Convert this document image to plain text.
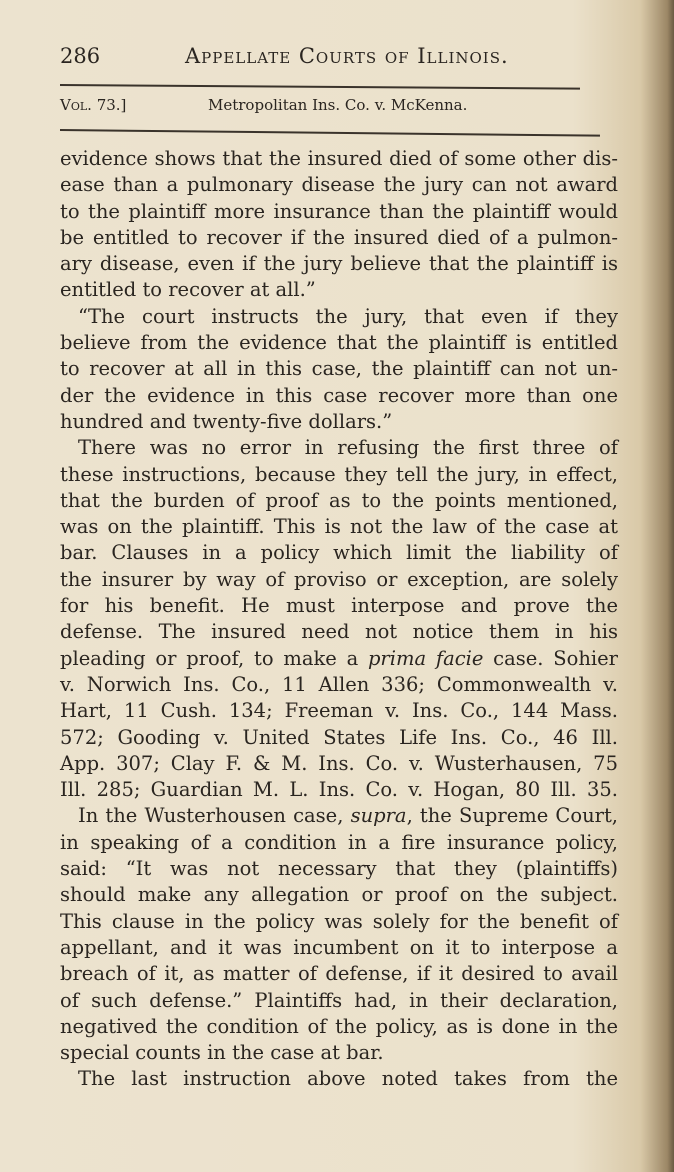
286	Appellate Courts of Illinois.
Vol. 73.]	Metropolitan Ins. Co. v. McKenna.
evidence shows that the insured died of some other dis-
ease than a pulmonary disease the jury can not award
to the plaintiff more insurance than the plaintiff would
be entitled to recover if the insured died of a pulmon-
ary disease, even if the jury believe that the plaintiff is
entitled to recover at all.”
“The court instructs the jury, that even if they
believe from the evidence that the plaintiff is entitled
to recover at all in this case, the plaintiff can not un-
der the evidence in this case recover more than one
hundred and twenty-five dollars.”
There was no error in refusing the first three of
these instructions, because they tell the jury, in effect,
that the burden of proof as to the points mentioned,
was on the plaintiff. This is not the law of the case at
bar. Clauses in a policy which limit the liability of
the insurer by way of proviso or exception, are solely
for his benefit. He must interpose and prove the
defense. The insured need not notice them in his
pleading or proof, to make a prima facie case. Sohier
v. Norwich Ins. Co., 11 Allen 336; Commonwealth v.
Hart, 11 Cush. 134; Freeman v. Ins. Co., 144 Mass.
572; Gooding v. United States Life Ins. Co., 46 Ill.
App. 307; Clay F. & M. Ins. Co. v. Wusterhausen, 75
Ill. 285; Guardian M. L. Ins. Co. v. Hogan, 80 Ill. 35.
In the Wusterhousen case, supra, the Supreme Court,
in speaking of a condition in a fire insurance policy,
said: “It was not necessary that they (plaintiffs)
should make any allegation or proof on the subject.
This clause in the policy was solely for the benefit of
appellant, and it was incumbent on it to interpose a
breach of it, as matter of defense, if it desired to avail
of such defense.” Plaintiffs had, in their declaration,
negatived the condition of the policy, as is done in the
special counts in the case at bar.
The last instruction above noted takes from the
